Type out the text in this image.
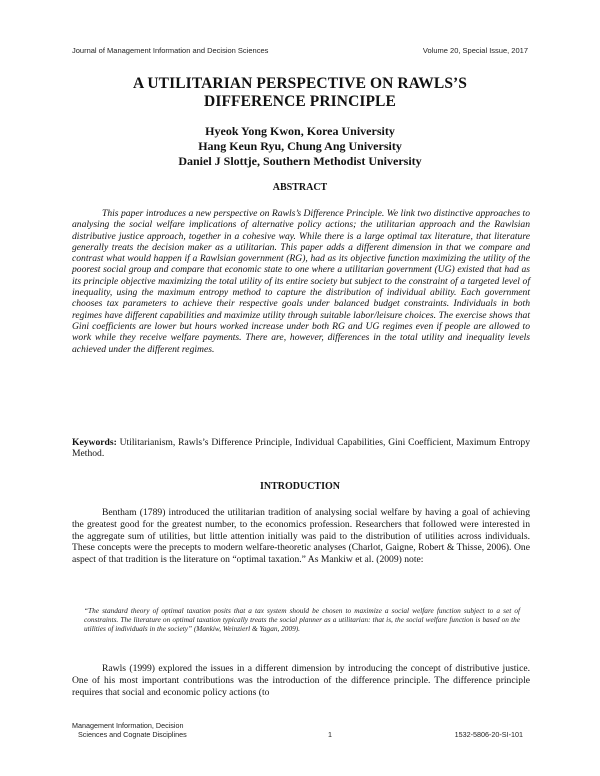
Journal of Management Information and Decision Sciences	Volume 20, Special Issue, 2017
A UTILITARIAN PERSPECTIVE ON RAWLS’S
DIFFERENCE PRINCIPLE
Hyeok Yong Kwon, Korea University
Hang Keun Ryu, Chung Ang University
Daniel J Slottje, Southern Methodist University
ABSTRACT
This paper introduces a new perspective on Rawls’s Difference Principle. We link two distinctive approaches to analysing the social welfare implications of alternative policy actions; the utilitarian approach and the Rawlsian distributive justice approach, together in a cohesive way. While there is a large optimal tax literature, that literature generally treats the decision maker as a utilitarian. This paper adds a different dimension in that we compare and contrast what would happen if a Rawlsian government (RG), had as its objective function maximizing the utility of the poorest social group and compare that economic state to one where a utilitarian government (UG) existed that had as its principle objective maximizing the total utility of its entire society but subject to the constraint of a targeted level of inequality, using the maximum entropy method to capture the distribution of individual ability. Each government chooses tax parameters to achieve their respective goals under balanced budget constraints. Individuals in both regimes have different capabilities and maximize utility through suitable labor/leisure choices. The exercise shows that Gini coefficients are lower but hours worked increase under both RG and UG regimes even if people are allowed to work while they receive welfare payments. There are, however, differences in the total utility and inequality levels achieved under the different regimes.
Keywords: Utilitarianism, Rawls’s Difference Principle, Individual Capabilities, Gini Coefficient, Maximum Entropy Method.
INTRODUCTION
Bentham (1789) introduced the utilitarian tradition of analysing social welfare by having a goal of achieving the greatest good for the greatest number, to the economics profession. Researchers that followed were interested in the aggregate sum of utilities, but little attention initially was paid to the distribution of utilities across individuals. These concepts were the precepts to modern welfare-theoretic analyses (Charlot, Gaigne, Robert & Thisse, 2006). One aspect of that tradition is the literature on “optimal taxation.” As Mankiw et al. (2009) note:
“The standard theory of optimal taxation posits that a tax system should be chosen to maximize a social welfare function subject to a set of constraints. The literature on optimal taxation typically treats the social planner as a utilitarian: that is, the social welfare function is based on the utilities of individuals in the society” (Mankiw, Weinzierl & Yagan, 2009).
Rawls (1999) explored the issues in a different dimension by introducing the concept of distributive justice. One of his most important contributions was the introduction of the difference principle. The difference principle requires that social and economic policy actions (to
Management Information, Decision
Sciences and Cognate Disciplines	1	1532-5806-20-SI-101
